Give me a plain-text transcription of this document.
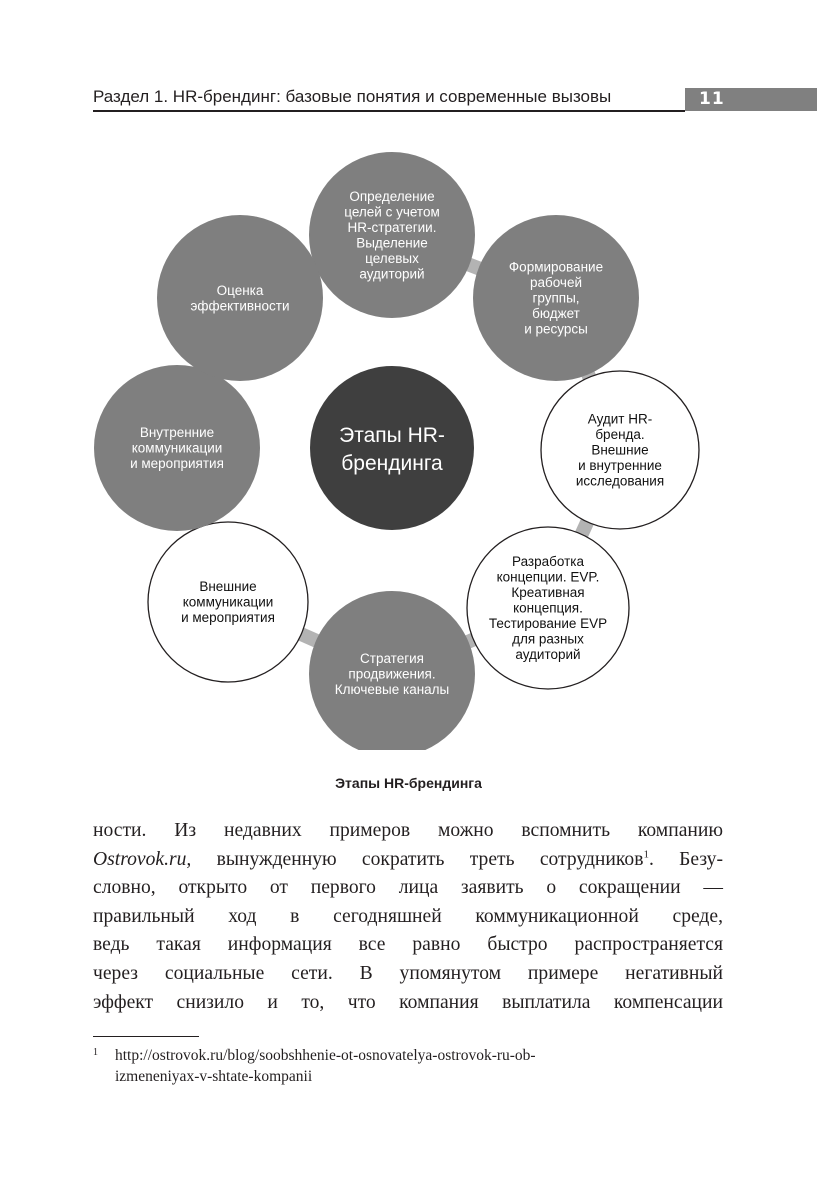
Раздел 1. HR-брендинг: базовые понятия и современные вызовы	11
Определение
целей с учетом
HR-стратегии.
Выделение
целевых
аудиторий	Формирование
рабочей
группы,
бюджет
и ресурсы
Аудит HR-
бренда.
Внешние
и внутренние
исследования
Разработка
концепции. EVP.
Креативная
концепция.
Тестирование EVP
для разных
аудиторий
Стратегия
продвижения.
Ключевые каналы
Внешние
коммуникации
и мероприятия
Внутренние
коммуникации
и мероприятия
Оценка
эффективности
Этапы HR-
брендинга
Этапы HR-брендинга
ности. Из недавних примеров можно вспомнить компанию
Ostrovok.ru, вынужденную сократить треть сотрудников$^1$. Безу-
словно, открыто от первого лица заявить о сокращении —
правильный ход в сегодняшней коммуникационной среде,
ведь такая информация все равно быстро распространяется
через социальные сети. В упомянутом примере негативный
эффект снизило и то, что компания выплатила компенсации
1	http://ostrovok.ru/blog/soobshhenie-ot-osnovatelya-ostrovok-ru-ob-
izmeneniyax-v-shtate-kompanii
